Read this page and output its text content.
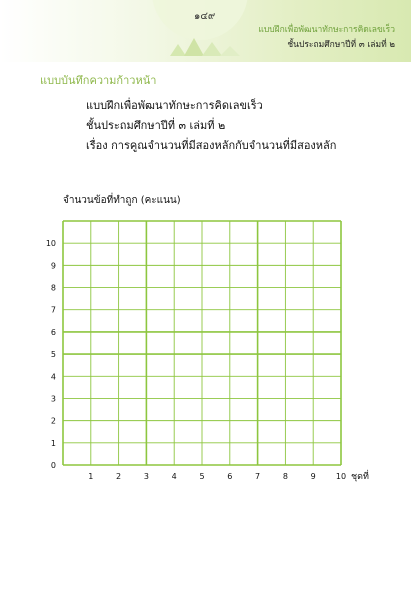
๑๔๙
แบบฝึกเพื่อพัฒนาทักษะการคิดเลขเร็ว
ชั้นประถมศึกษาปีที่ ๓ เล่มที่ ๒
แบบบันทึกความก้าวหน้า
แบบฝึกเพื่อพัฒนาทักษะการคิดเลขเร็ว
ชั้นประถมศึกษาปีที่ ๓ เล่มที่ ๒
เรื่อง การคูณจำนวนที่มีสองหลักกับจำนวนที่มีสองหลัก
จำนวนข้อที่ทำถูก (คะแนน)
0
1
2
3
4
5
6
7
8
9
10
1	2	3	4	5	6	7	8	9	10 ชุดที่
